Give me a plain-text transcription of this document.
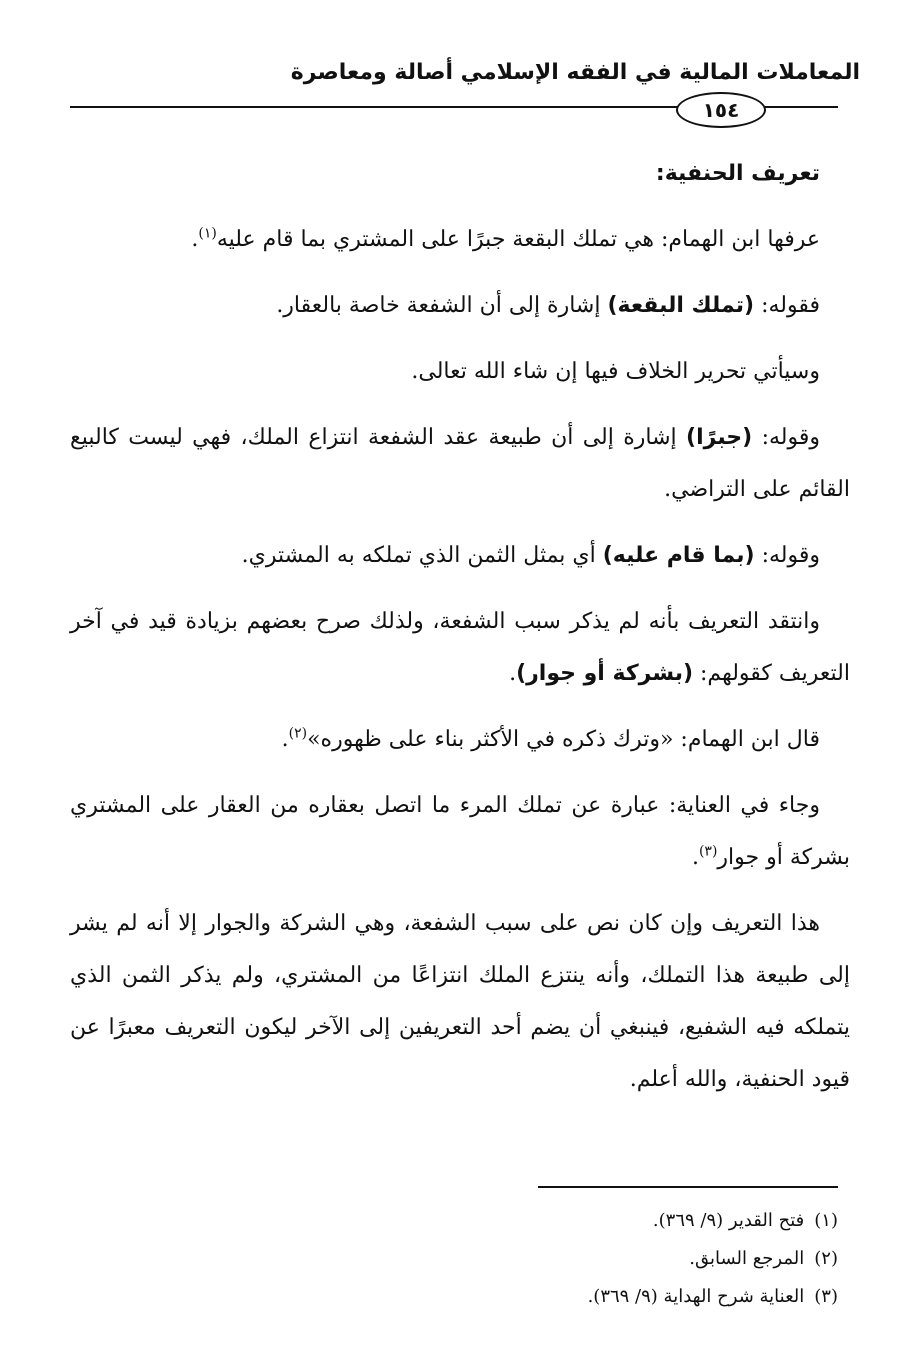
المعاملات المالية في الفقه الإسلامي أصالة ومعاصرة
١٥٤

تعريف الحنفية:

عرفها ابن الهمام: هي تملك البقعة جبرًا على المشتري بما قام عليه$^{(١)}$.

فقوله: (تملك البقعة) إشارة إلى أن الشفعة خاصة بالعقار.

وسيأتي تحرير الخلاف فيها إن شاء الله تعالى.

وقوله: (جبرًا) إشارة إلى أن طبيعة عقد الشفعة انتزاع الملك، فهي ليست كالبيع القائم على التراضي.

وقوله: (بما قام عليه) أي بمثل الثمن الذي تملكه به المشتري.

وانتقد التعريف بأنه لم يذكر سبب الشفعة، ولذلك صرح بعضهم بزيادة قيد في آخر التعريف كقولهم: (بشركة أو جوار).

قال ابن الهمام: «وترك ذكره في الأكثر بناء على ظهوره»$^{(٢)}$.

وجاء في العناية: عبارة عن تملك المرء ما اتصل بعقاره من العقار على المشتري بشركة أو جوار$^{(٣)}$.

هذا التعريف وإن كان نص على سبب الشفعة، وهي الشركة والجوار إلا أنه لم يشر إلى طبيعة هذا التملك، وأنه ينتزع الملك انتزاعًا من المشتري، ولم يذكر الثمن الذي يتملكه فيه الشفيع، فينبغي أن يضم أحد التعريفين إلى الآخر ليكون التعريف معبرًا عن قيود الحنفية، والله أعلم.

(١)فتح القدير (٩/ ٣٦٩).
(٢)المرجع السابق.
(٣)العناية شرح الهداية (٩/ ٣٦٩).
